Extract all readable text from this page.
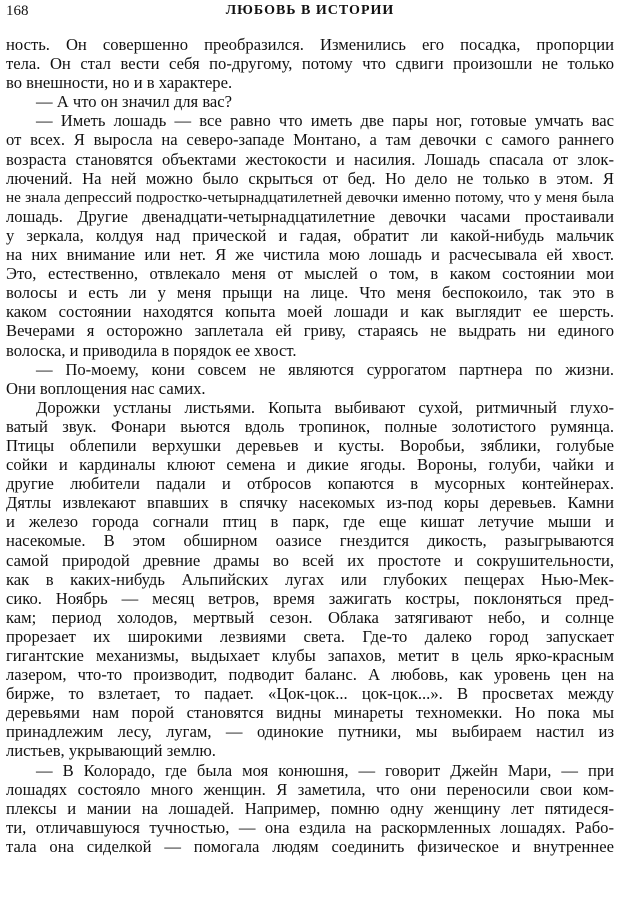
168	ЛЮБОВЬ В ИСТОРИИ
ность. Он совершенно преобразился. Изменились его посадка, пропорции
тела. Он стал вести себя по-другому, потому что сдвиги произошли не только
во внешности, но и в характере.
— А что он значил для вас?
— Иметь лошадь — все равно что иметь две пары ног, готовые умчать вас
от всех. Я выросла на северо-западе Монтано, а там девочки с самого раннего
возраста становятся объектами жестокости и насилия. Лошадь спасала от злок-
лючений. На ней можно было скрыться от бед. Но дело не только в этом. Я
не знала депрессий подростко-четырнадцатилетней девочки именно потому, что у меня была
лошадь. Другие двенадцати-четырнадцатилетние девочки часами простаивали
у зеркала, колдуя над прической и гадая, обратит ли какой-нибудь мальчик
на них внимание или нет. Я же чистила мою лошадь и расчесывала ей хвост.
Это, естественно, отвлекало меня от мыслей о том, в каком состоянии мои
волосы и есть ли у меня прыщи на лице. Что меня беспокоило, так это в
каком состоянии находятся копыта моей лошади и как выглядит ее шерсть.
Вечерами я осторожно заплетала ей гриву, стараясь не выдрать ни единого
волоска, и приводила в порядок ее хвост.
— По-моему, кони совсем не являются суррогатом партнера по жизни.
Они воплощения нас самих.
Дорожки устланы листьями. Копыта выбивают сухой, ритмичный глухо-
ватый звук. Фонари вьются вдоль тропинок, полные золотистого румянца.
Птицы облепили верхушки деревьев и кусты. Воробьи, зяблики, голубые
сойки и кардиналы клюют семена и дикие ягоды. Вороны, голуби, чайки и
другие любители падали и отбросов копаются в мусорных контейнерах.
Дятлы извлекают впавших в спячку насекомых из-под коры деревьев. Камни
и железо города согнали птиц в парк, где еще кишат летучие мыши и
насекомые. В этом обширном оазисе гнездится дикость, разыгрываются
самой природой древние драмы во всей их простоте и сокрушительности,
как в каких-нибудь Альпийских лугах или глубоких пещерах Нью-Мек-
сико. Ноябрь — месяц ветров, время зажигать костры, поклоняться пред-
кам; период холодов, мертвый сезон. Облака затягивают небо, и солнце
прорезает их широкими лезвиями света. Где-то далеко город запускает
гигантские механизмы, выдыхает клубы запахов, метит в цель ярко-красным
лазером, что-то производит, подводит баланс. А любовь, как уровень цен на
бирже, то взлетает, то падает. «Цок-цок... цок-цок...». В просветах между
деревьями нам порой становятся видны минареты техномекки. Но пока мы
принадлежим лесу, лугам, — одинокие путники, мы выбираем настил из
листьев, укрывающий землю.
— В Колорадо, где была моя конюшня, — говорит Джейн Мари, — при
лошадях состояло много женщин. Я заметила, что они переносили свои ком-
плексы и мании на лошадей. Например, помню одну женщину лет пятидеся-
ти, отличавшуюся тучностью, — она ездила на раскормленных лошадях. Рабо-
тала она сиделкой — помогала людям соединить физическое и внутреннее
